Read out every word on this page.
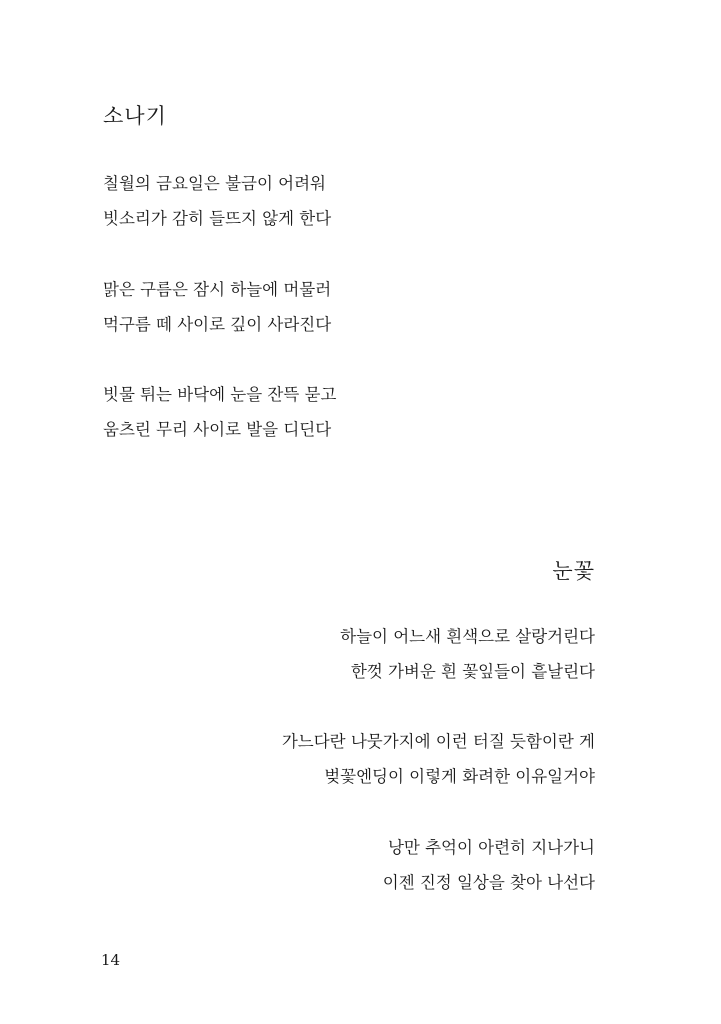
소나기
칠월의 금요일은 불금이 어려워
빗소리가 감히 들뜨지 않게 한다
맑은 구름은 잠시 하늘에 머물러
먹구름 떼 사이로 깊이 사라진다
빗물 튀는 바닥에 눈을 잔뜩 묻고
움츠린 무리 사이로 발을 디딘다
눈꽃
하늘이 어느새 흰색으로 살랑거린다
한껏 가벼운 흰 꽃잎들이 흩날린다
가느다란 나뭇가지에 이런 터질 듯함이란 게
벚꽃엔딩이 이렇게 화려한 이유일거야
낭만 추억이 아련히 지나가니
이젠 진정 일상을 찾아 나선다
14
